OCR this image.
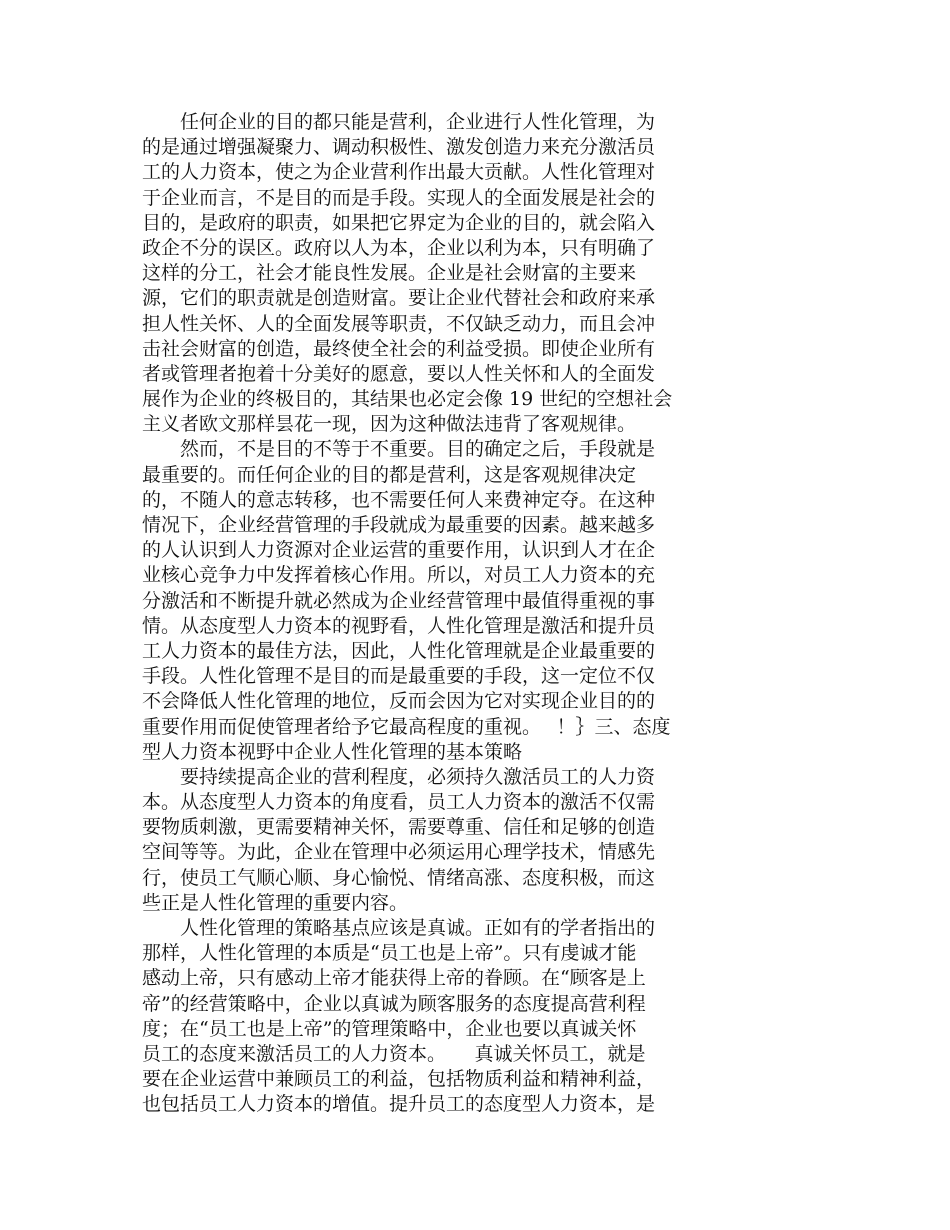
　　任何企业的目的都只能是营利，企业进行人性化管理，为
的是通过增强凝聚力、调动积极性、激发创造力来充分激活员
工的人力资本，使之为企业营利作出最大贡献。人性化管理对
于企业而言，不是目的而是手段。实现人的全面发展是社会的
目的，是政府的职责，如果把它界定为企业的目的，就会陷入
政企不分的误区。政府以人为本，企业以利为本，只有明确了
这样的分工，社会才能良性发展。企业是社会财富的主要来
源，它们的职责就是创造财富。要让企业代替社会和政府来承
担人性关怀、人的全面发展等职责，不仅缺乏动力，而且会冲
击社会财富的创造，最终使全社会的利益受损。即使企业所有
者或管理者抱着十分美好的愿意，要以人性关怀和人的全面发
展作为企业的终极目的，其结果也必定会像 19 世纪的空想社会
主义者欧文那样昙花一现，因为这种做法违背了客观规律。
　　然而，不是目的不等于不重要。目的确定之后，手段就是
最重要的。而任何企业的目的都是营利，这是客观规律决定
的，不随人的意志转移，也不需要任何人来费神定夺。在这种
情况下，企业经营管理的手段就成为最重要的因素。越来越多
的人认识到人力资源对企业运营的重要作用，认识到人才在企
业核心竞争力中发挥着核心作用。所以，对员工人力资本的充
分激活和不断提升就必然成为企业经营管理中最值得重视的事
情。从态度型人力资本的视野看，人性化管理是激活和提升员
工人力资本的最佳方法，因此，人性化管理就是企业最重要的
手段。人性化管理不是目的而是最重要的手段，这一定位不仅
不会降低人性化管理的地位，反而会因为它对实现企业目的的
重要作用而促使管理者给予它最高程度的重视。　 ！｝三、态度
型人力资本视野中企业人性化管理的基本策略
　　要持续提高企业的营利程度，必须持久激活员工的人力资
本。从态度型人力资本的角度看，员工人力资本的激活不仅需
要物质刺激，更需要精神关怀，需要尊重、信任和足够的创造
空间等等。为此，企业在管理中必须运用心理学技术，情感先
行，使员工气顺心顺、身心愉悦、情绪高涨、态度积极，而这
些正是人性化管理的重要内容。
　　人性化管理的策略基点应该是真诚。正如有的学者指出的
那样，人性化管理的本质是“员工也是上帝”。只有虔诚才能
感动上帝，只有感动上帝才能获得上帝的眷顾。在“顾客是上
帝”的经营策略中，企业以真诚为顾客服务的态度提高营利程
度；在“员工也是上帝”的管理策略中，企业也要以真诚关怀
员工的态度来激活员工的人力资本。　　真诚关怀员工，就是
要在企业运营中兼顾员工的利益，包括物质利益和精神利益，
也包括员工人力资本的增值。提升员工的态度型人力资本，是
